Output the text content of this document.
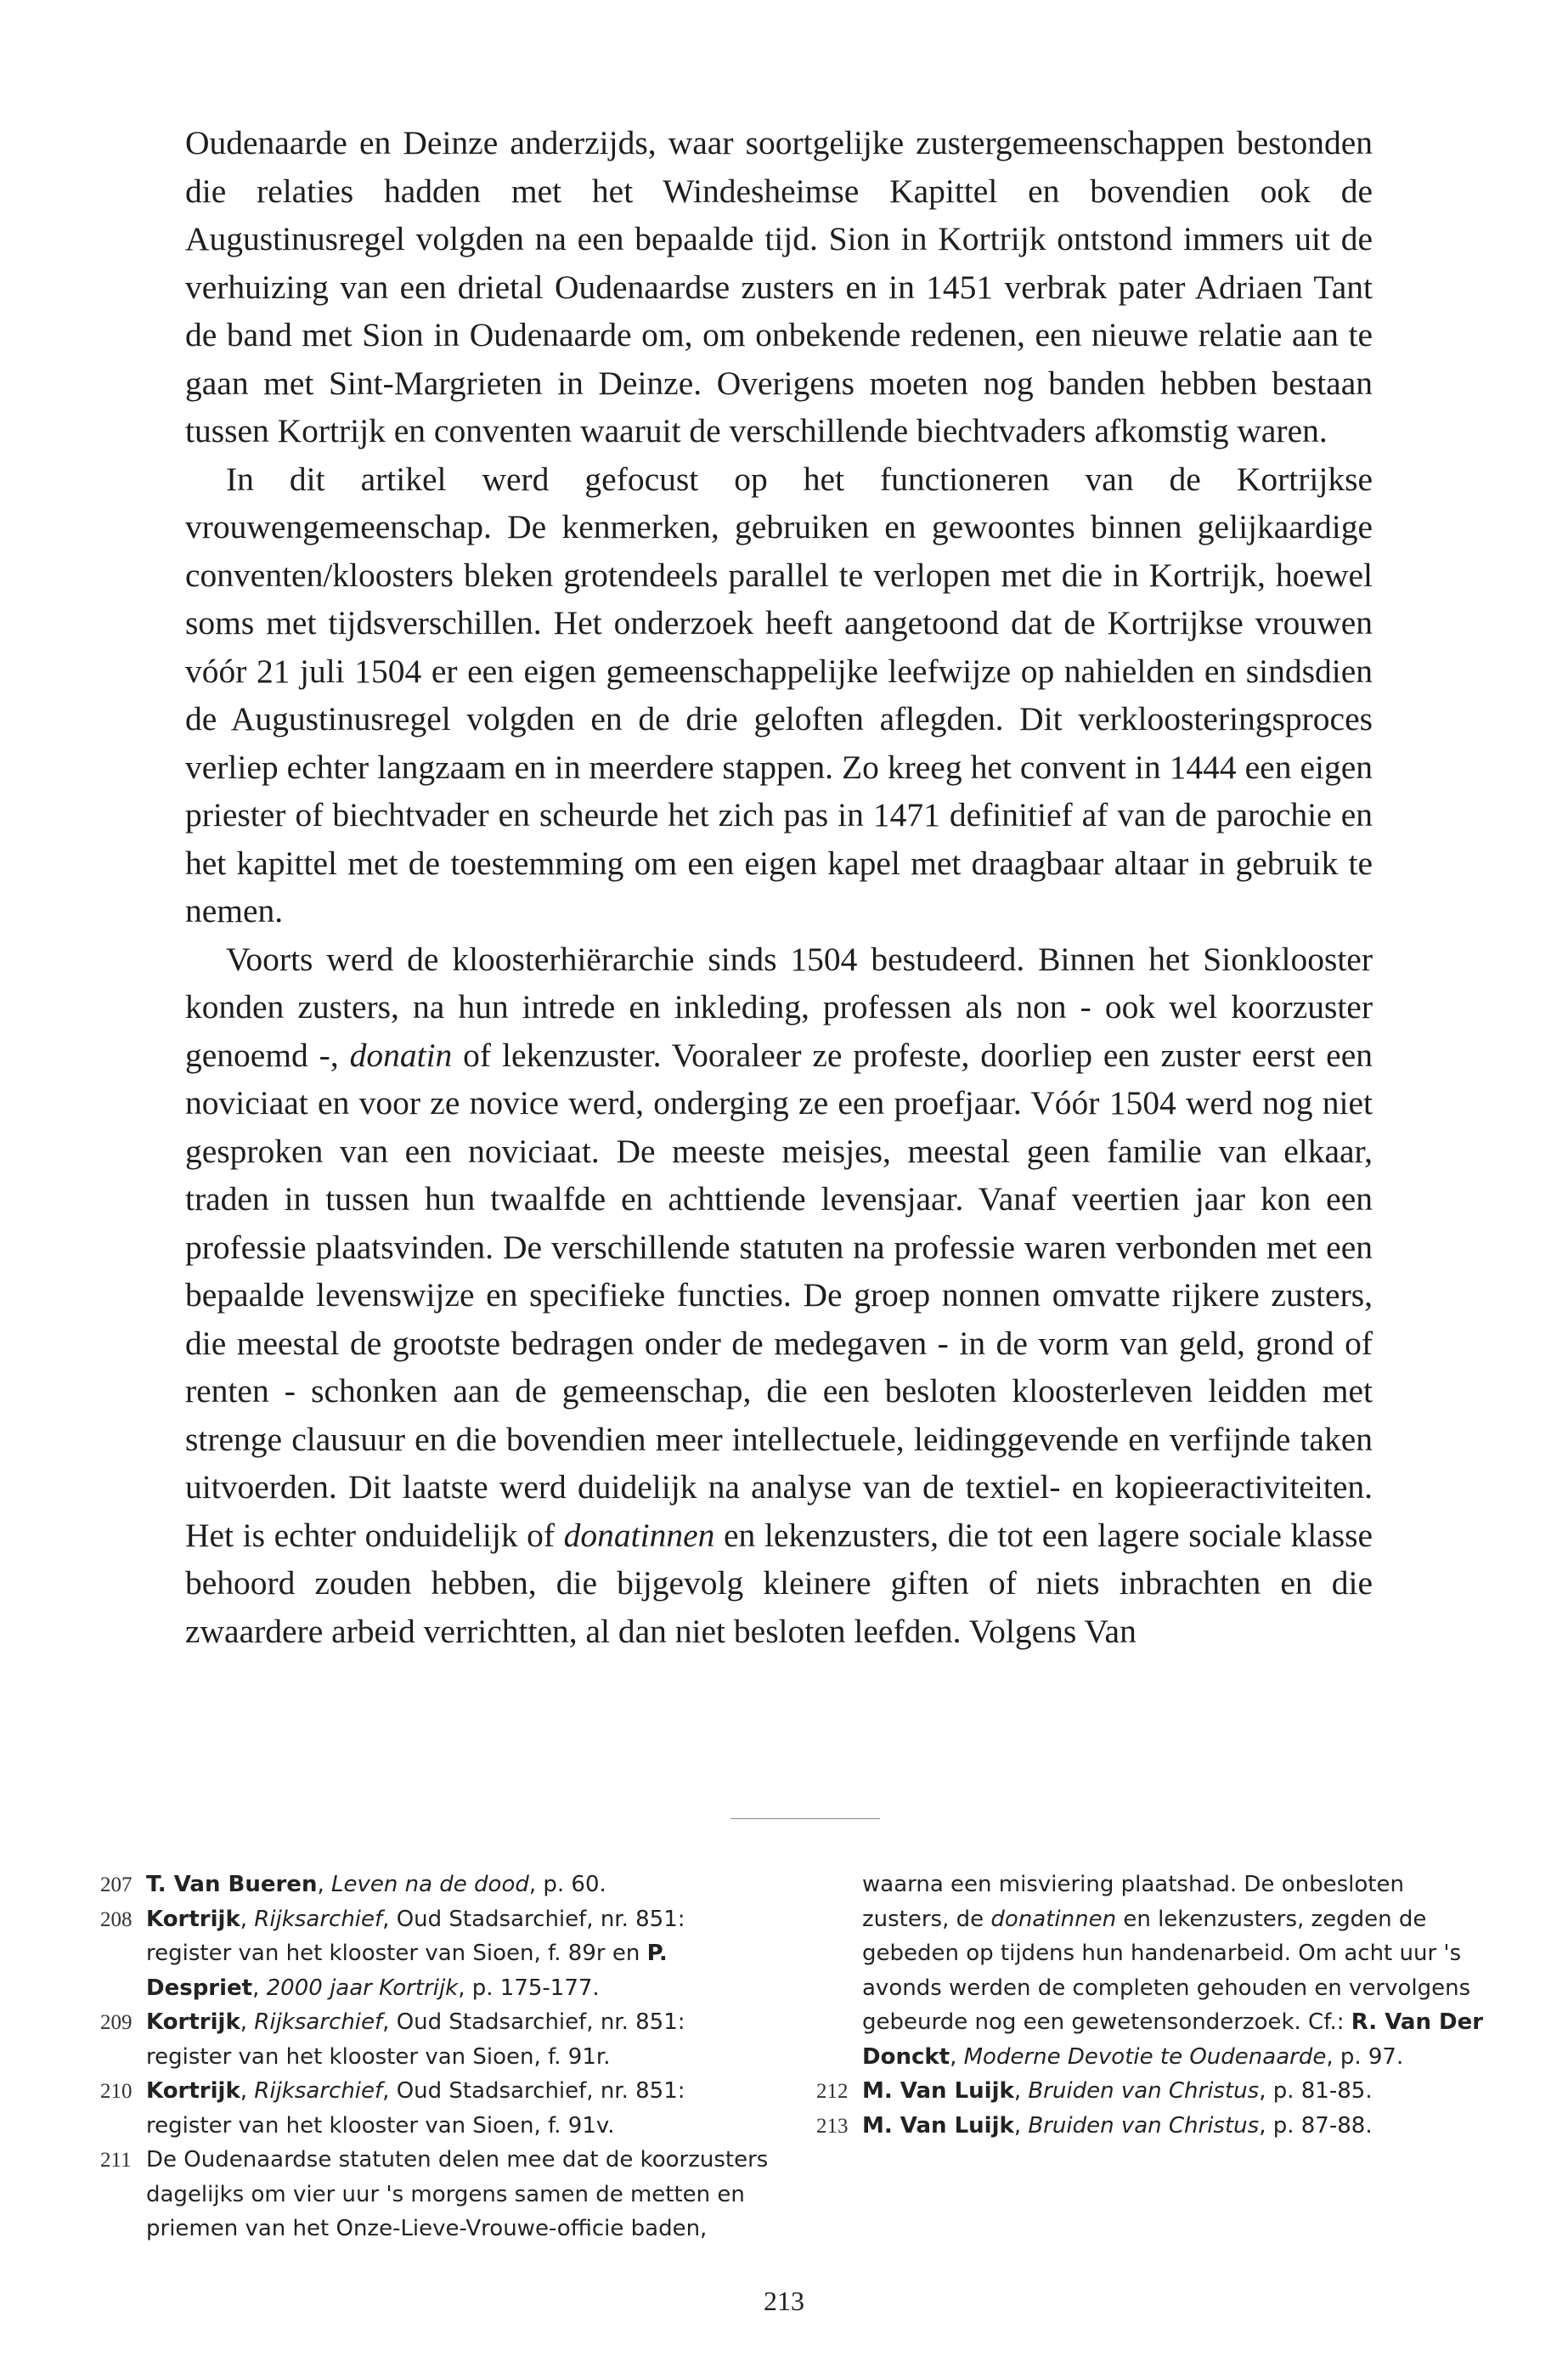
Oudenaarde en Deinze anderzijds, waar soortgelijke zustergemeenschappen bestonden die relaties hadden met het Windesheimse Kapittel en bovendien ook de Augustinusregel volgden na een bepaalde tijd. Sion in Kortrijk ontstond immers uit de verhuizing van een drietal Oudenaardse zusters en in 1451 verbrak pater Adriaen Tant de band met Sion in Oudenaarde om, om onbekende redenen, een nieuwe relatie aan te gaan met Sint-Margrieten in Deinze. Overigens moeten nog banden hebben bestaan tussen Kortrijk en conventen waaruit de verschillende biechtvaders afkomstig waren.

In dit artikel werd gefocust op het functioneren van de Kortrijkse vrouwengemeenschap. De kenmerken, gebruiken en gewoontes binnen gelijkaardige conventen/kloosters bleken grotendeels parallel te verlopen met die in Kortrijk, hoewel soms met tijdsverschillen. Het onderzoek heeft aangetoond dat de Kortrijkse vrouwen vóór 21 juli 1504 er een eigen gemeenschappelijke leefwijze op nahielden en sindsdien de Augustinusregel volgden en de drie geloften aflegden. Dit verkloosteringsproces verliep echter langzaam en in meerdere stappen. Zo kreeg het convent in 1444 een eigen priester of biechtvader en scheurde het zich pas in 1471 definitief af van de parochie en het kapittel met de toestemming om een eigen kapel met draagbaar altaar in gebruik te nemen.

Voorts werd de kloosterhiërarchie sinds 1504 bestudeerd. Binnen het Sionklooster konden zusters, na hun intrede en inkleding, professen als non - ook wel koorzuster genoemd -, donatin of lekenzuster. Vooraleer ze profeste, doorliep een zuster eerst een noviciaat en voor ze novice werd, onderging ze een proefjaar. Vóór 1504 werd nog niet gesproken van een noviciaat. De meeste meisjes, meestal geen familie van elkaar, traden in tussen hun twaalfde en achttiende levensjaar. Vanaf veertien jaar kon een professie plaatsvinden. De verschillende statuten na professie waren verbonden met een bepaalde levenswijze en specifieke functies. De groep nonnen omvatte rijkere zusters, die meestal de grootste bedragen onder de medegaven - in de vorm van geld, grond of renten - schonken aan de gemeenschap, die een besloten kloosterleven leidden met strenge clausuur en die bovendien meer intellectuele, leidinggevende en verfijnde taken uitvoerden. Dit laatste werd duidelijk na analyse van de textiel- en kopieeractiviteiten. Het is echter onduidelijk of donatinnen en lekenzusters, die tot een lagere sociale klasse behoord zouden hebben, die bijgevolg kleinere giften of niets inbrachten en die zwaardere arbeid verrichtten, al dan niet besloten leefden. Volgens Van

207 T. Van Bueren, Leven na de dood, p. 60.
208 Kortrijk, Rijksarchief, Oud Stadsarchief, nr. 851: register van het klooster van Sioen, f. 89r en P. Despriet, 2000 jaar Kortrijk, p. 175-177.
209 Kortrijk, Rijksarchief, Oud Stadsarchief, nr. 851: register van het klooster van Sioen, f. 91r.
210 Kortrijk, Rijksarchief, Oud Stadsarchief, nr. 851: register van het klooster van Sioen, f. 91v.
211 De Oudenaardse statuten delen mee dat de koorzusters dagelijks om vier uur 's morgens samen de metten en priemen van het Onze-Lieve-Vrouwe-officie baden, waarna een misviering plaatshad. De onbesloten zusters, de donatinnen en lekenzusters, zegden de gebeden op tijdens hun handenarbeid. Om acht uur 's avonds werden de completen gehouden en vervolgens gebeurde nog een gewetensonderzoek. Cf.: R. Van Der Donckt, Moderne Devotie te Oudenaarde, p. 97.
212 M. Van Luijk, Bruiden van Christus, p. 81-85.
213 M. Van Luijk, Bruiden van Christus, p. 87-88.
213
